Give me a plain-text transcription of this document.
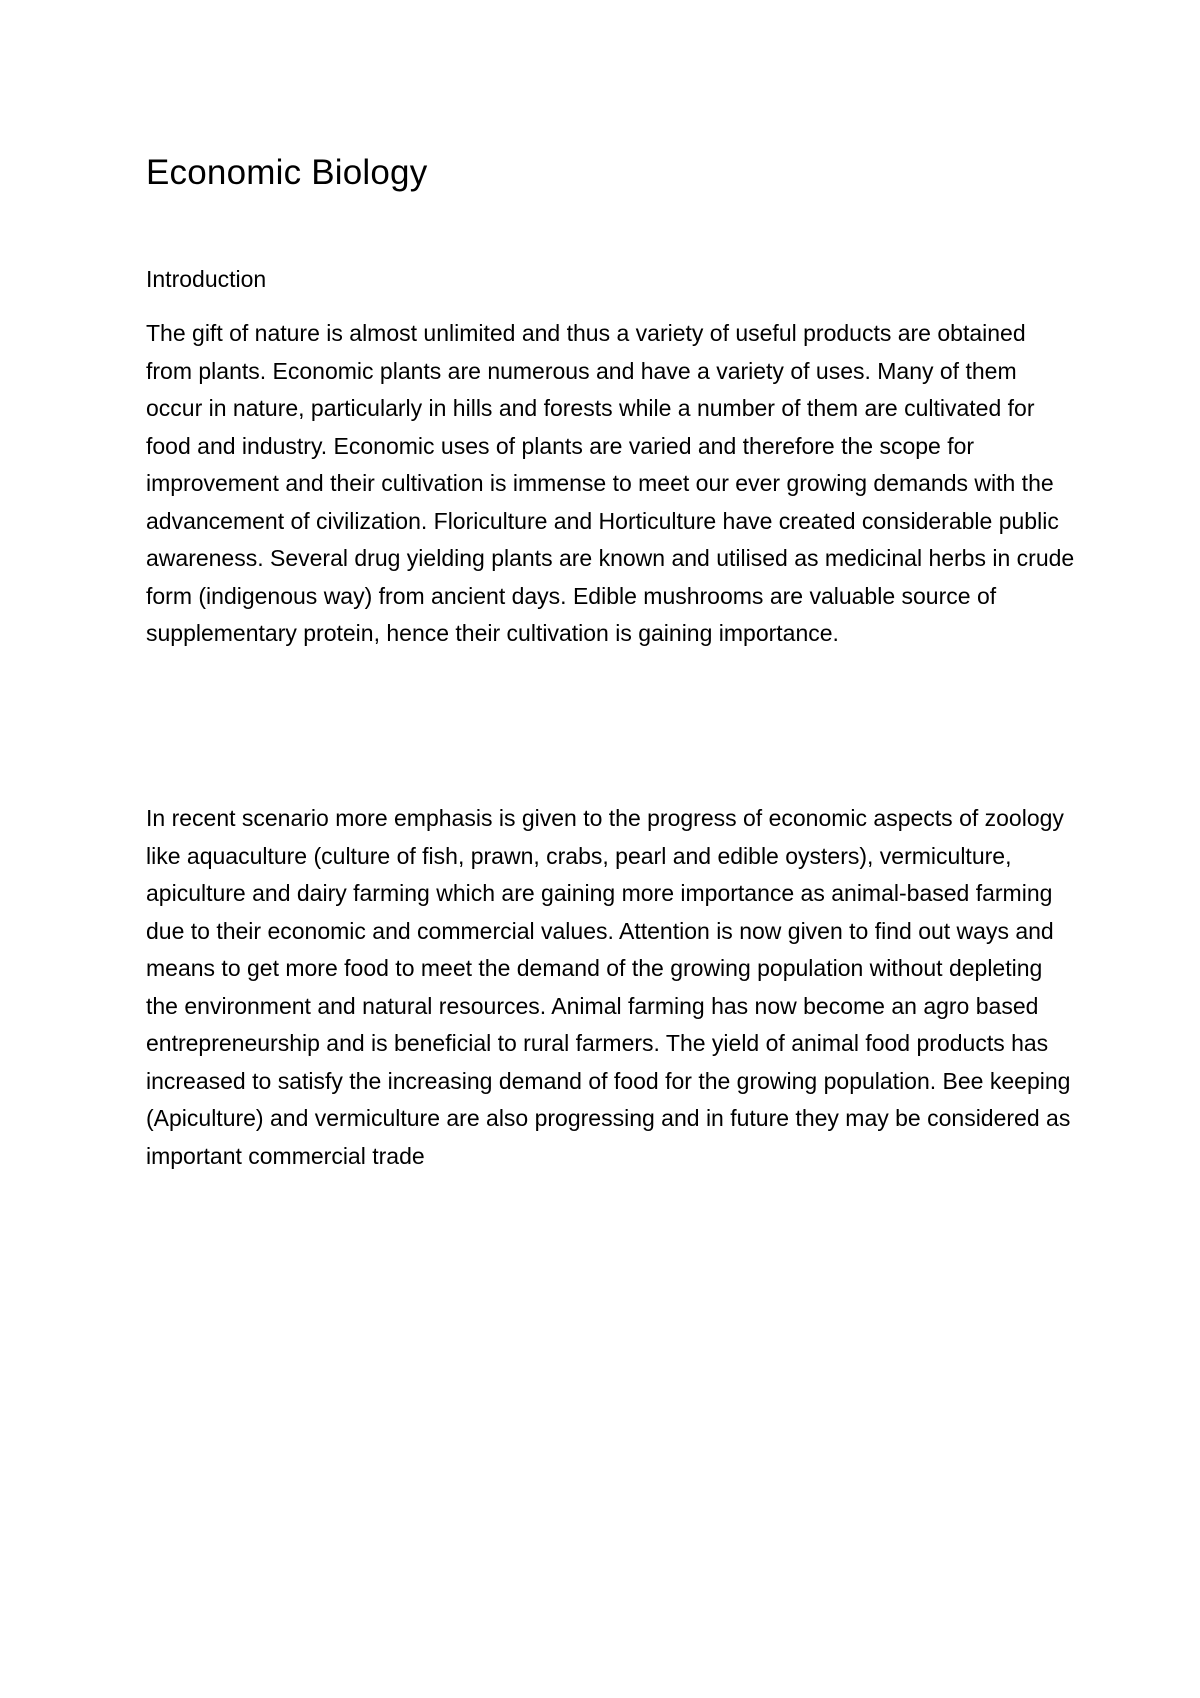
Economic Biology

Introduction

The gift of nature is almost unlimited and thus a variety of useful products are obtained from plants. Economic plants are numerous and have a variety of uses. Many of them occur in nature, particularly in hills and forests while a number of them are cultivated for food and industry. Economic uses of plants are varied and therefore the scope for improvement and their cultivation is immense to meet our ever growing demands with the advancement of civilization. Floriculture and Horticulture have created considerable public awareness. Several drug yielding plants are known and utilised as medicinal herbs in crude form (indigenous way) from ancient days. Edible mushrooms are valuable source of supplementary protein, hence their cultivation is gaining importance.

In recent scenario more emphasis is given to the progress of economic aspects of zoology like aquaculture (culture of fish, prawn, crabs, pearl and edible oysters), vermiculture, apiculture and dairy farming which are gaining more importance as animal-based farming due to their economic and commercial values. Attention is now given to find out ways and means to get more food to meet the demand of the growing population without depleting the environment and natural resources. Animal farming has now become an agro based entrepreneurship and is beneficial to rural farmers. The yield of animal food products has increased to satisfy the increasing demand of food for the growing population. Bee keeping (Apiculture) and vermiculture are also progressing and in future they may be considered as important commercial trade
